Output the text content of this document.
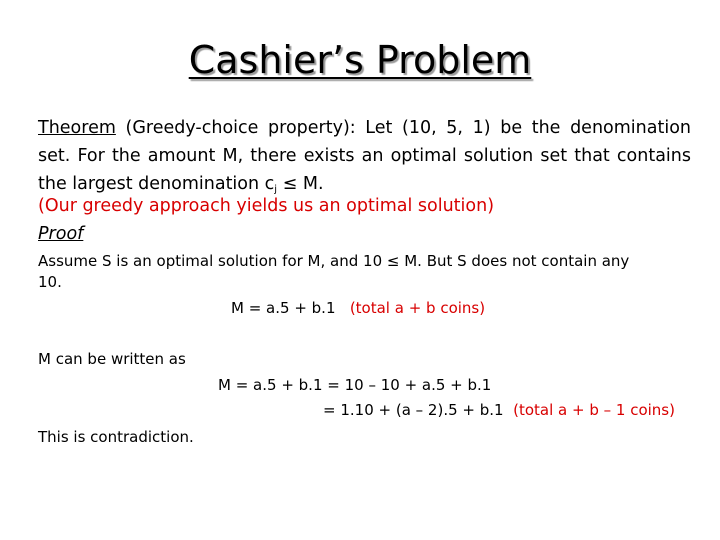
Cashier’s Problem
Theorem (Greedy-choice property): Let (10, 5, 1) be the denomination set. For the amount M, there exists an optimal solution set that contains the largest denomination $c_j \le M$.
(Our greedy approach yields us an optimal solution)
Proof
Assume S is an optimal solution for M, and 10 ≤ M. But S does not contain any
10.
M = a.5 + b.1 (total a + b coins)
M can be written as
M = a.5 + b.1 = 10 – 10 + a.5 + b.1
= 1.10 + (a – 2).5 + b.1 (total a + b – 1 coins)
This is contradiction.
